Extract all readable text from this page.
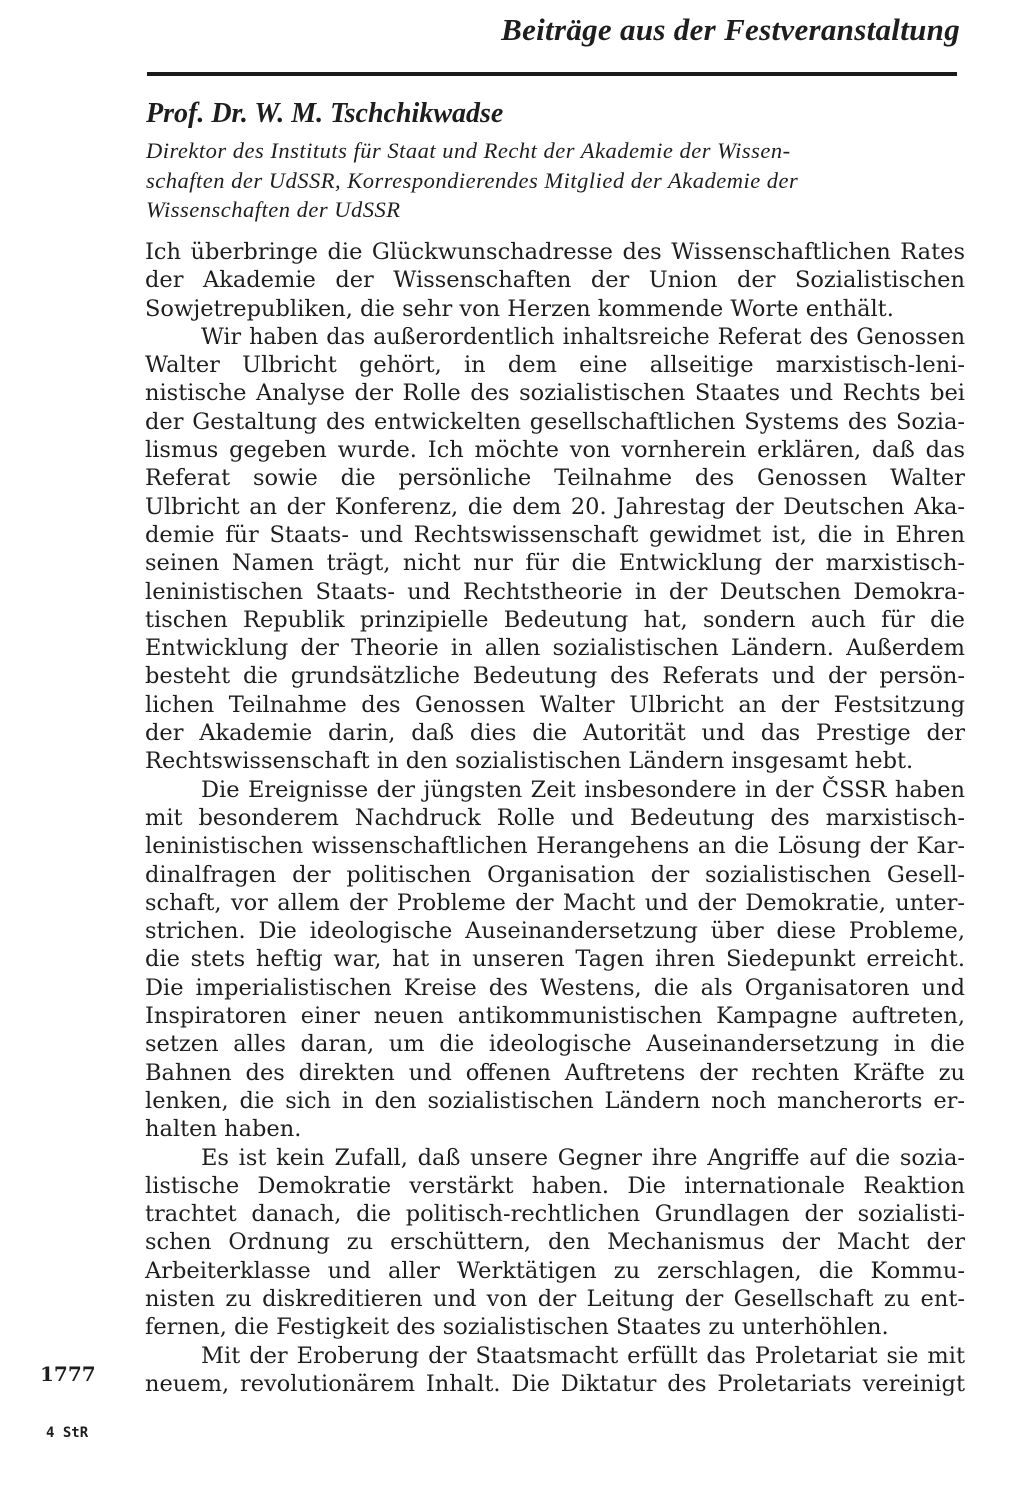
Beiträge aus der Festveranstaltung
Prof. Dr. W. M. Tschchikwadse
Direktor des Instituts für Staat und Recht der Akademie der Wissen-
schaften der UdSSR, Korrespondierendes Mitglied der Akademie der
Wissenschaften der UdSSR
Ich überbringe die Glückwunschadresse des Wissenschaftlichen Rates
der Akademie der Wissenschaften der Union der Sozialistischen
Sowjetrepubliken, die sehr von Herzen kommende Worte enthält.
Wir haben das außerordentlich inhaltsreiche Referat des Genossen
Walter Ulbricht gehört, in dem eine allseitige marxistisch-leni-
nistische Analyse der Rolle des sozialistischen Staates und Rechts bei
der Gestaltung des entwickelten gesellschaftlichen Systems des Sozia-
lismus gegeben wurde. Ich möchte von vornherein erklären, daß das
Referat sowie die persönliche Teilnahme des Genossen Walter
Ulbricht an der Konferenz, die dem 20. Jahrestag der Deutschen Aka-
demie für Staats- und Rechtswissenschaft gewidmet ist, die in Ehren
seinen Namen trägt, nicht nur für die Entwicklung der marxistisch-
leninistischen Staats- und Rechtstheorie in der Deutschen Demokra-
tischen Republik prinzipielle Bedeutung hat, sondern auch für die
Entwicklung der Theorie in allen sozialistischen Ländern. Außerdem
besteht die grundsätzliche Bedeutung des Referats und der persön-
lichen Teilnahme des Genossen Walter Ulbricht an der Festsitzung
der Akademie darin, daß dies die Autorität und das Prestige der
Rechtswissenschaft in den sozialistischen Ländern insgesamt hebt.
Die Ereignisse der jüngsten Zeit insbesondere in der ČSSR haben
mit besonderem Nachdruck Rolle und Bedeutung des marxistisch-
leninistischen wissenschaftlichen Herangehens an die Lösung der Kar-
dinalfragen der politischen Organisation der sozialistischen Gesell-
schaft, vor allem der Probleme der Macht und der Demokratie, unter-
strichen. Die ideologische Auseinandersetzung über diese Probleme,
die stets heftig war, hat in unseren Tagen ihren Siedepunkt erreicht.
Die imperialistischen Kreise des Westens, die als Organisatoren und
Inspiratoren einer neuen antikommunistischen Kampagne auftreten,
setzen alles daran, um die ideologische Auseinandersetzung in die
Bahnen des direkten und offenen Auftretens der rechten Kräfte zu
lenken, die sich in den sozialistischen Ländern noch mancherorts er-
halten haben.
Es ist kein Zufall, daß unsere Gegner ihre Angriffe auf die sozia-
listische Demokratie verstärkt haben. Die internationale Reaktion
trachtet danach, die politisch-rechtlichen Grundlagen der sozialisti-
schen Ordnung zu erschüttern, den Mechanismus der Macht der
Arbeiterklasse und aller Werktätigen zu zerschlagen, die Kommu-
nisten zu diskreditieren und von der Leitung der Gesellschaft zu ent-
fernen, die Festigkeit des sozialistischen Staates zu unterhöhlen.
Mit der Eroberung der Staatsmacht erfüllt das Proletariat sie mit
neuem, revolutionärem Inhalt. Die Diktatur des Proletariats vereinigt
1777
4 StR
